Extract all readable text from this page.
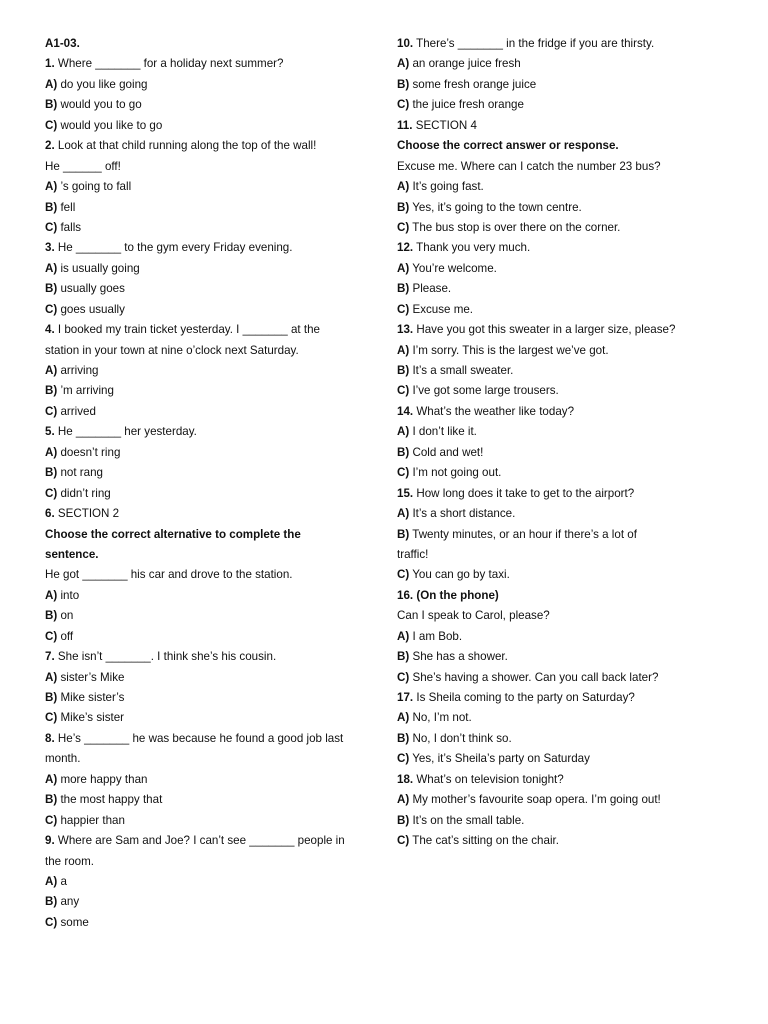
A1-03.
1. Where _______ for a holiday next summer?
A) do you like going
B) would you to go
C) would you like to go
2. Look at that child running along the top of the wall!
He ______ off!
A) ’s going to fall
B) fell
C) falls
3. He _______ to the gym every Friday evening.
A) is usually going
B) usually goes
C) goes usually
4. I booked my train ticket yesterday. I _______ at the
station in your town at nine o’clock next Saturday.
A) arriving
B) ’m arriving
C) arrived
5. He _______ her yesterday.
A) doesn’t ring
B) not rang
C) didn’t ring
6. SECTION 2
Choose the correct alternative to complete the
sentence.
He got _______ his car and drove to the station.
A) into
B) on
C) off
7. She isn’t _______. I think she’s his cousin.
A) sister’s Mike
B) Mike sister’s
C) Mike’s sister
8. He’s _______ he was because he found a good job last
month.
A) more happy than
B) the most happy that
C) happier than
9. Where are Sam and Joe? I can’t see _______ people in
the room.
A) a
B) any
C) some
10. There’s _______ in the fridge if you are thirsty.
A) an orange juice fresh
B) some fresh orange juice
C) the juice fresh orange
11. SECTION 4
Choose the correct answer or response.
Excuse me. Where can I catch the number 23 bus?
A) It’s going fast.
B) Yes, it’s going to the town centre.
C) The bus stop is over there on the corner.
12. Thank you very much.
A) You’re welcome.
B) Please.
C) Excuse me.
13. Have you got this sweater in a larger size, please?
A) I’m sorry. This is the largest we’ve got.
B) It’s a small sweater.
C) I’ve got some large trousers.
14. What’s the weather like today?
A) I don’t like it.
B) Cold and wet!
C) I’m not going out.
15. How long does it take to get to the airport?
A) It’s a short distance.
B) Twenty minutes, or an hour if there’s a lot of
traffic!
C) You can go by taxi.
16. (On the phone)
Can I speak to Carol, please?
A) I am Bob.
B) She has a shower.
C) She’s having a shower. Can you call back later?
17. Is Sheila coming to the party on Saturday?
A) No, I’m not.
B) No, I don’t think so.
C) Yes, it’s Sheila’s party on Saturday
18. What’s on television tonight?
A) My mother’s favourite soap opera. I’m going out!
B) It’s on the small table.
C) The cat’s sitting on the chair.
